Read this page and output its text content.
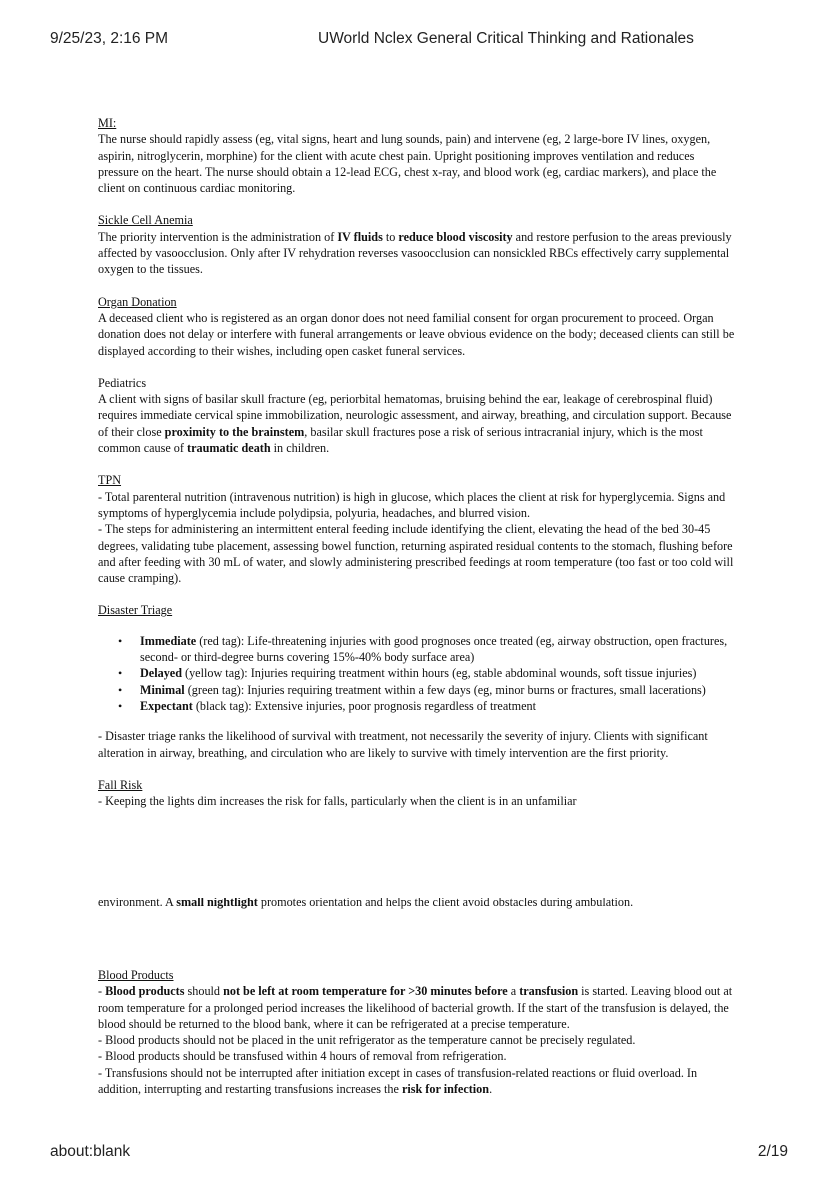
9/25/23, 2:16 PM	UWorld Nclex General Critical Thinking and Rationales
MI:

The nurse should rapidly assess (eg, vital signs, heart and lung sounds, pain) and intervene (eg, 2 large-bore IV lines, oxygen, aspirin, nitroglycerin, morphine) for the client with acute chest pain. Upright positioning improves ventilation and reduces pressure on the heart. The nurse should obtain a 12-lead ECG, chest x-ray, and blood work (eg, cardiac markers), and place the client on continuous cardiac monitoring.

Sickle Cell Anemia

The priority intervention is the administration of IV fluids to reduce blood viscosity and restore perfusion to the areas previously affected by vasoocclusion. Only after IV rehydration reverses vasoocclusion can nonsickled RBCs effectively carry supplemental oxygen to the tissues.

Organ Donation

A deceased client who is registered as an organ donor does not need familial consent for organ procurement to proceed. Organ donation does not delay or interfere with funeral arrangements or leave obvious evidence on the body; deceased clients can still be displayed according to their wishes, including open casket funeral services.

Pediatrics

A client with signs of basilar skull fracture (eg, periorbital hematomas, bruising behind the ear, leakage of cerebrospinal fluid) requires immediate cervical spine immobilization, neurologic assessment, and airway, breathing, and circulation support. Because of their close proximity to the brainstem, basilar skull fractures pose a risk of serious intracranial injury, which is the most common cause of traumatic death in children.

TPN

- Total parenteral nutrition (intravenous nutrition) is high in glucose, which places the client at risk for hyperglycemia. Signs and symptoms of hyperglycemia include polydipsia, polyuria, headaches, and blurred vision.

- The steps for administering an intermittent enteral feeding include identifying the client, elevating the head of the bed 30-45 degrees, validating tube placement, assessing bowel function, returning aspirated residual contents to the stomach, flushing before and after feeding with 30 mL of water, and slowly administering prescribed feedings at room temperature (too fast or too cold will cause cramping).

Disaster Triage
• Immediate (red tag): Life-threatening injuries with good prognoses once treated (eg, airway obstruction, open fractures, second- or third-degree burns covering 15%-40% body surface area)
• Delayed (yellow tag): Injuries requiring treatment within hours (eg, stable abdominal wounds, soft tissue injuries)
• Minimal (green tag): Injuries requiring treatment within a few days (eg, minor burns or fractures, small lacerations)
• Expectant (black tag): Extensive injuries, poor prognosis regardless of treatment

- Disaster triage ranks the likelihood of survival with treatment, not necessarily the severity of injury. Clients with significant alteration in airway, breathing, and circulation who are likely to survive with timely intervention are the first priority.

Fall Risk

- Keeping the lights dim increases the risk for falls, particularly when the client is in an unfamiliar

environment. A small nightlight promotes orientation and helps the client avoid obstacles during ambulation.
Blood Products

- Blood products should not be left at room temperature for >30 minutes before a transfusion is started. Leaving blood out at room temperature for a prolonged period increases the likelihood of bacterial growth. If the start of the transfusion is delayed, the blood should be returned to the blood bank, where it can be refrigerated at a precise temperature.

- Blood products should not be placed in the unit refrigerator as the temperature cannot be precisely regulated.

- Blood products should be transfused within 4 hours of removal from refrigeration.

- Transfusions should not be interrupted after initiation except in cases of transfusion-related reactions or fluid overload. In addition, interrupting and restarting transfusions increases the risk for infection.

about:blank	2/19
